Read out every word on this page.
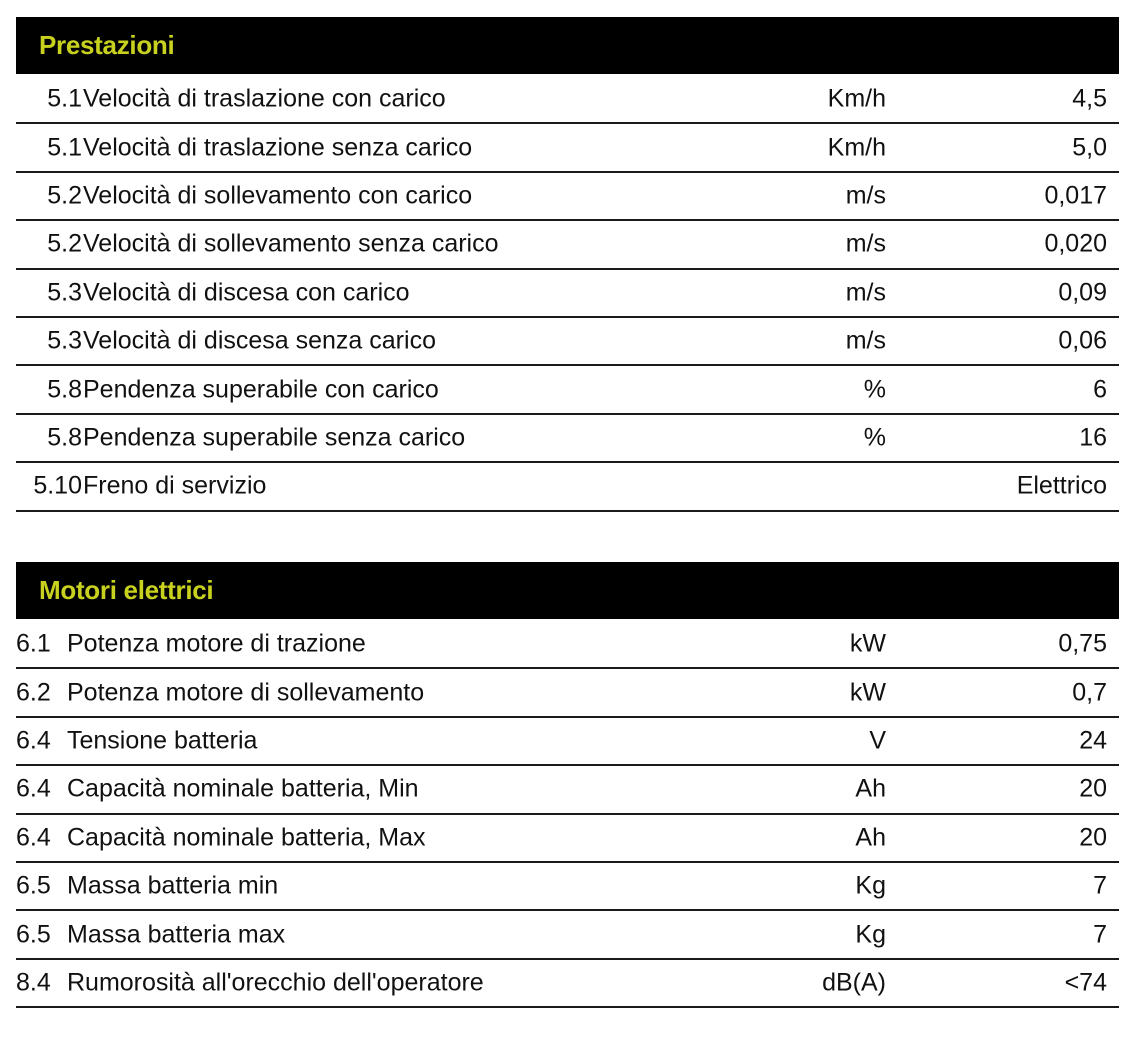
Prestazioni
5.1 Velocità di traslazione con carico	Km/h	4,5
5.1 Velocità di traslazione senza carico	Km/h	5,0
5.2 Velocità di sollevamento con carico	m/s	0,017
5.2 Velocità di sollevamento senza carico	m/s	0,020
5.3 Velocità di discesa con carico	m/s	0,09
5.3 Velocità di discesa senza carico	m/s	0,06
5.8 Pendenza superabile con carico	%	6
5.8 Pendenza superabile senza carico	%	16
5.10 Freno di servizio	Elettrico
Motori elettrici
6.1 Potenza motore di trazione	kW	0,75
6.2 Potenza motore di sollevamento	kW	0,7
6.4 Tensione batteria	V	24
6.4 Capacità nominale batteria, Min	Ah	20
6.4 Capacità nominale batteria, Max	Ah	20
6.5 Massa batteria min	Kg	7
6.5 Massa batteria max	Kg	7
8.4 Rumorosità all'orecchio dell'operatore	dB(A)	<74
